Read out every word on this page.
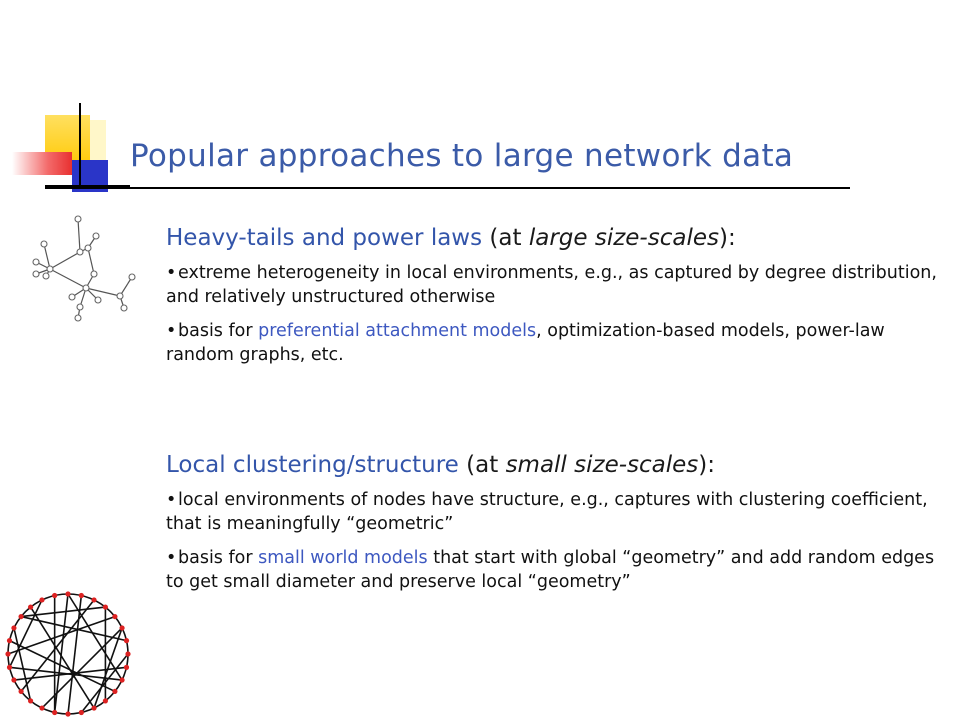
Popular approaches to large network data
Heavy-tails and power laws (at large size-scales):
•extreme heterogeneity in local environments, e.g., as captured by degree distribution, and relatively unstructured otherwise
•basis for preferential attachment models, optimization-based models, power-law random graphs, etc.
Local clustering/structure (at small size-scales):
•local environments of nodes have structure, e.g., captures with clustering coefficient, that is meaningfully “geometric”
•basis for small world models that start with global “geometry” and add random edges to get small diameter and preserve local “geometry”
